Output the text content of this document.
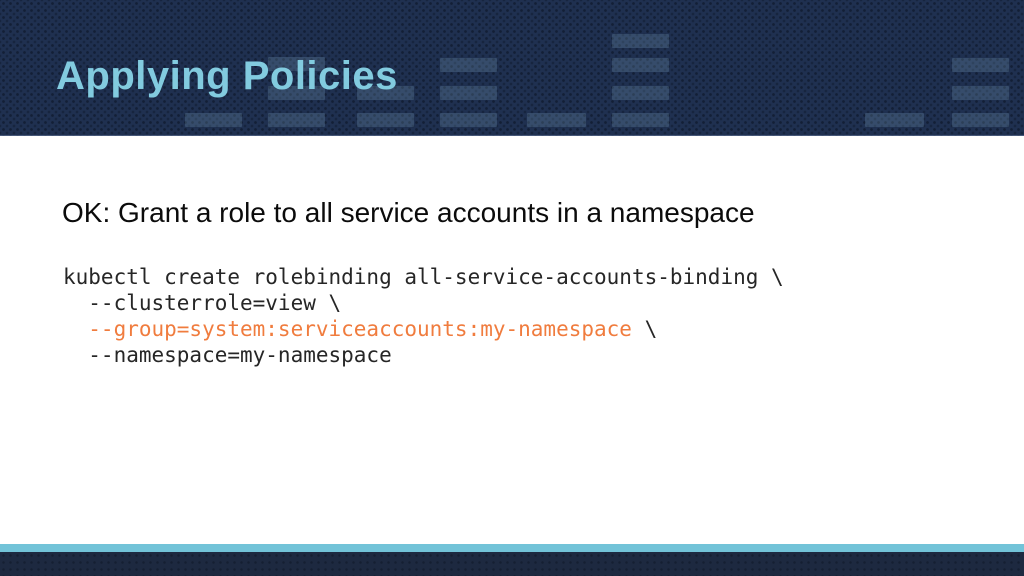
Applying Policies
OK: Grant a role to all service accounts in a namespace
kubectl create rolebinding all-service-accounts-binding \
--clusterrole=view \
--group=system:serviceaccounts:my-namespace \
--namespace=my-namespace
